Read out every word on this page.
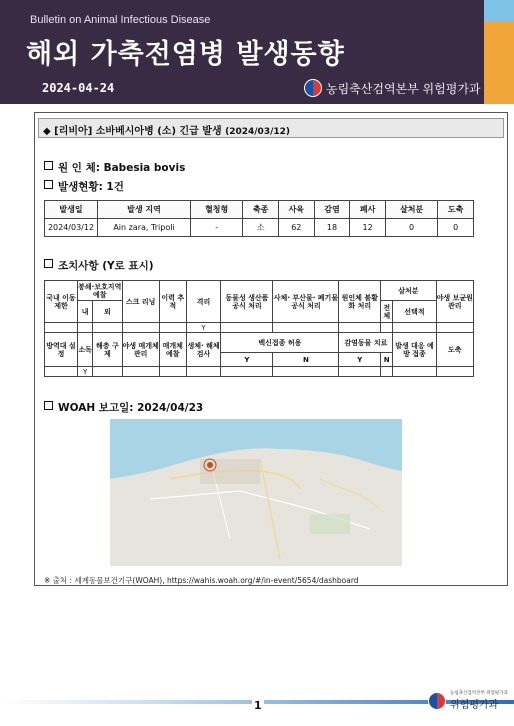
Bulletin on Animal Infectious Disease
해외 가축전염병 발생동향
2024-04-24	농림축산검역본부 위험평가과
◆ [리비아] 소바베시아병 (소) 긴급 발생 (2024/03/12)
원 인 체: Babesia bovis
발생현황: 1건
발생일	발생 지역	혈청형	축종	사육	감염	폐사	살처분	도축
2024/03/12	Ain zara, Tripoli	-	소	62	18	12	0	0
조치사항 (Y로 표시)
국내 이동 제한	봉쇄·보호지역 예찰		스크 리닝	이력 추적	격리	동물성 생산품 공식 처리	사체· 부산물· 폐기물 공식 처리	원인체 불활화 처리	살처분		야생 보균원 관리
	내	외							전체	선택적	
					Y						
방역대 설정	소독	해충 구제	야생 매개체 관리	매개체 예찰	생체· 해체 검사	백신접종 허용		감염동물 치료		발생 대응 예방 접종	도축
						Y	N	Y	N		
	Y										
WOAH 보고일: 2024/04/23
※ 출처 : 세계동물보건기구(WOAH), https://wahis.woah.org/#/in-event/5654/dashboard
1
농림축산검역본부 위험평가과
위험평가과
